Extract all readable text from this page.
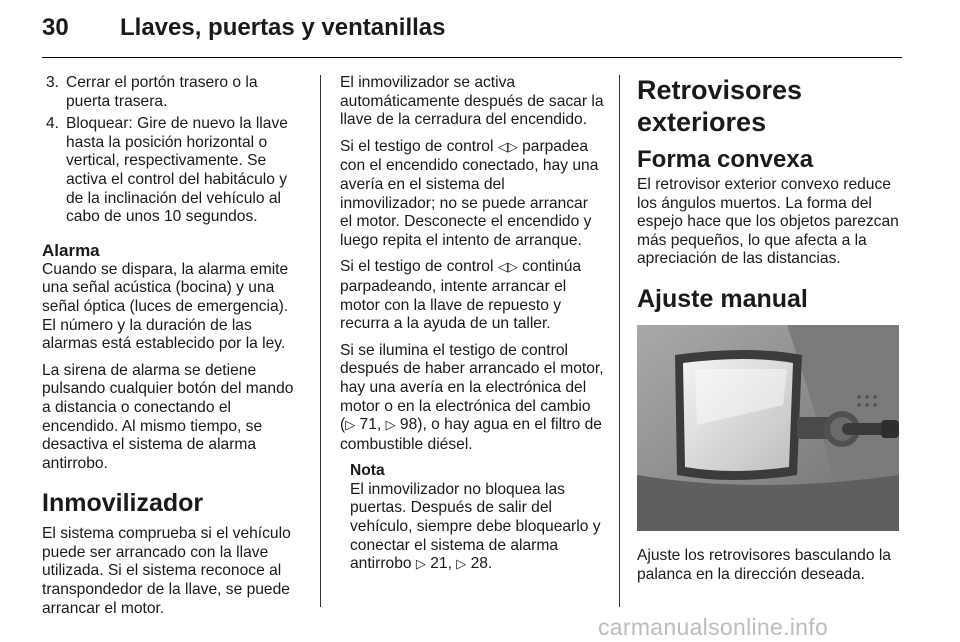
30 Llaves, puertas y ventanillas
3. Cerrar el portón trasero o la puerta trasera.
4. Bloquear: Gire de nuevo la llave hasta la posición horizontal o vertical, respectivamente. Se activa el control del habitáculo y de la inclinación del vehículo al cabo de unos 10 segundos.
Alarma

Cuando se dispara, la alarma emite una señal acústica (bocina) y una señal óptica (luces de emergencia). El número y la duración de las alarmas está establecido por la ley.

La sirena de alarma se detiene pulsando cualquier botón del mando a distancia o conectando el encendido. Al mismo tiempo, se desactiva el sistema de alarma antirrobo.

Inmovilizador

El sistema comprueba si el vehículo puede ser arrancado con la llave utilizada. Si el sistema reconoce al transpondedor de la llave, se puede arrancar el motor.

El inmovilizador se activa automáticamente después de sacar la llave de la cerradura del encendido.

Si el testigo de control ◁▷ parpadea con el encendido conectado, hay una avería en el sistema del inmovilizador; no se puede arrancar el motor. Desconecte el encendido y luego repita el intento de arranque.

Si el testigo de control ◁▷ continúa parpadeando, intente arrancar el motor con la llave de repuesto y recurra a la ayuda de un taller.

Si se ilumina el testigo de control después de haber arrancado el motor, hay una avería en la electrónica del motor o en la electrónica del cambio (▷ 71, ▷ 98), o hay agua en el filtro de combustible diésel.

Nota

El inmovilizador no bloquea las puertas. Después de salir del vehículo, siempre debe bloquearlo y conectar el sistema de alarma antirrobo ▷ 21, ▷ 28.

Retrovisores exteriores
Forma convexa

El retrovisor exterior convexo reduce los ángulos muertos. La forma del espejo hace que los objetos parezcan más pequeños, lo que afecta a la apreciación de las distancias.

Ajuste manual

Ajuste los retrovisores basculando la palanca en la dirección deseada.

carmanualsonline.info
